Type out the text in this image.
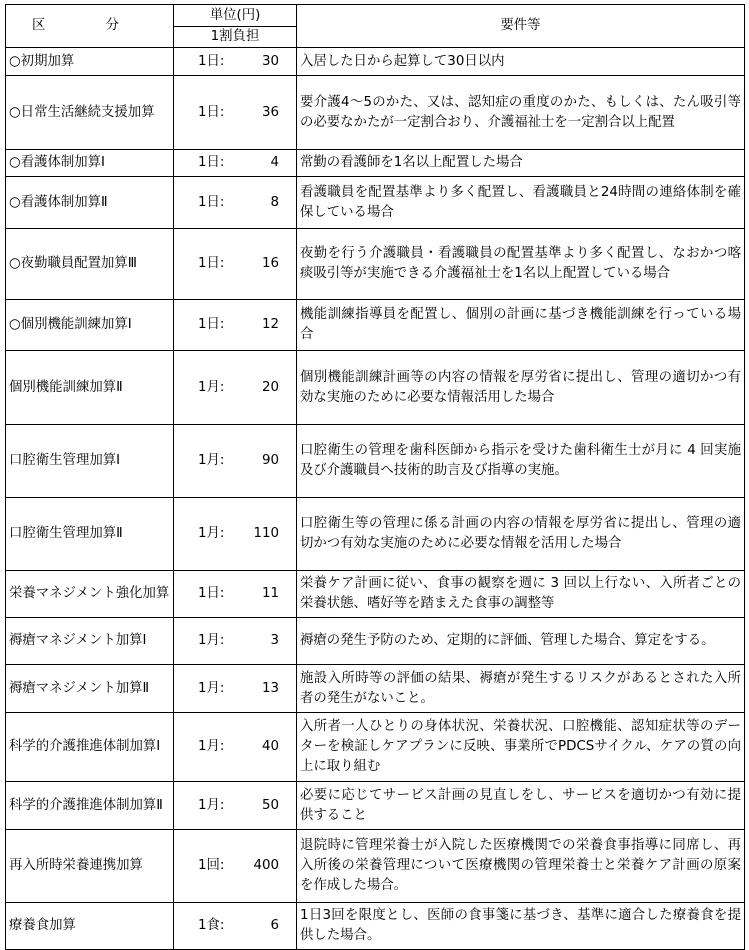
区 分	単位(円)	要件等
	1割負担	
○初期加算	1日: 30	入居した日から起算して30日以内
○日常生活継続支援加算	1日: 36	要介護4～5のかた、又は、認知症の重度のかた、もしくは、たん吸引等の必要なかたが一定割合おり、介護福祉士を一定割合以上配置
○看護体制加算Ⅰ	1日: 4	常勤の看護師を1名以上配置した場合
○看護体制加算Ⅱ	1日: 8	看護職員を配置基準より多く配置し、看護職員と24時間の連絡体制を確保している場合
○夜勤職員配置加算Ⅲ	1日: 16	夜勤を行う介護職員・看護職員の配置基準より多く配置し、なおかつ喀痰吸引等が実施できる介護福祉士を1名以上配置している場合
○個別機能訓練加算Ⅰ	1日: 12	機能訓練指導員を配置し、個別の計画に基づき機能訓練を行っている場合
個別機能訓練加算Ⅱ	1月: 20	個別機能訓練計画等の内容の情報を厚労省に提出し、管理の適切かつ有効な実施のために必要な情報活用した場合
口腔衛生管理加算Ⅰ	1月: 90	口腔衛生の管理を歯科医師から指示を受けた歯科衛生士が月に 4 回実施及び介護職員へ技術的助言及び指導の実施。
口腔衛生管理加算Ⅱ	1月: 110	口腔衛生等の管理に係る計画の内容の情報を厚労省に提出し、管理の適切かつ有効な実施のために必要な情報を活用した場合
栄養マネジメント強化加算	1日: 11	栄養ケア計画に従い、食事の観察を週に 3 回以上行ない、入所者ごとの栄養状態、嗜好等を踏まえた食事の調整等
褥瘡マネジメント加算Ⅰ	1月: 3	褥瘡の発生予防のため、定期的に評価、管理した場合、算定をする。
褥瘡マネジメント加算Ⅱ	1月: 13	施設入所時等の評価の結果、褥瘡が発生するリスクがあるとされた入所者の発生がないこと。
科学的介護推進体制加算Ⅰ	1月: 40	入所者一人ひとりの身体状況、栄養状況、口腔機能、認知症状等のデーターを検証しケアプランに反映、事業所でPDCSサイクル、ケアの質の向上に取り組む
科学的介護推進体制加算Ⅱ	1月: 50	必要に応じてサービス計画の見直しをし、サービスを適切かつ有効に提供すること
再入所時栄養連携加算	1回: 400	退院時に管理栄養士が入院した医療機関での栄養食事指導に同席し、再入所後の栄養管理について医療機関の管理栄養士と栄養ケア計画の原案を作成した場合。
療養食加算	1食: 6	1日3回を限度とし、医師の食事箋に基づき、基準に適合した療養食を提供した場合。
